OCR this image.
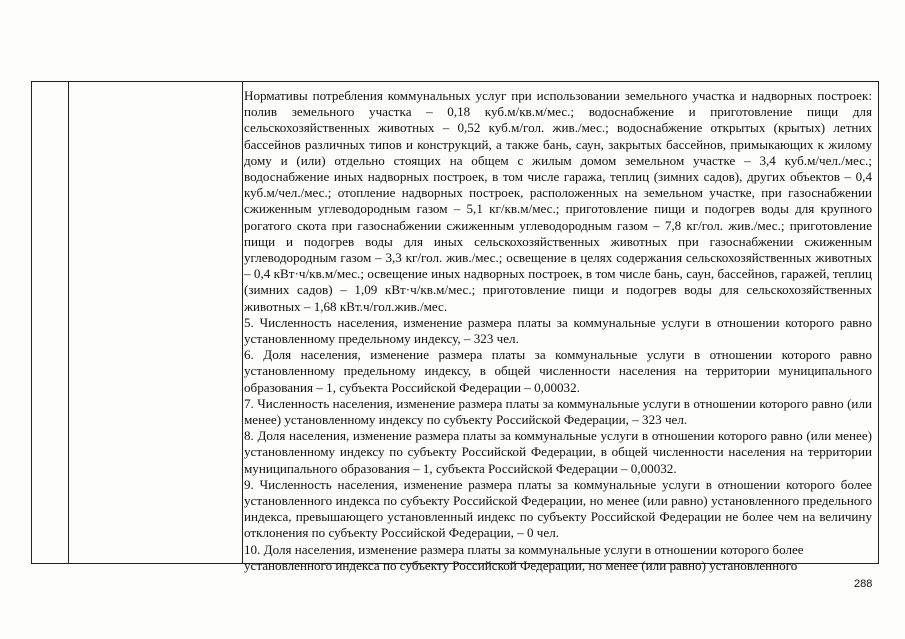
Нормативы потребления коммунальных услуг при использовании земельного участка и надворных построек: полив земельного участка – 0,18 куб.м/кв.м/мес.; водоснабжение и приготовление пищи для сельскохозяйственных животных – 0,52 куб.м/гол. жив./мес.; водоснабжение открытых (крытых) летних бассейнов различных типов и конструкций, а также бань, саун, закрытых бассейнов, примыкающих к жилому дому и (или) отдельно стоящих на общем с жилым домом земельном участке – 3,4 куб.м/чел./мес.; водоснабжение иных надворных построек, в том числе гаража, теплиц (зимних садов), других объектов – 0,4 куб.м/чел./мес.; отопление надворных построек, расположенных на земельном участке, при газоснабжении сжиженным углеводородным газом – 5,1 кг/кв.м/мес.; приготовление пищи и подогрев воды для крупного рогатого скота при газоснабжении сжиженным углеводородным газом – 7,8 кг/гол. жив./мес.; приготовление пищи и подогрев воды для иных сельскохозяйственных животных при газоснабжении сжиженным углеводородным газом – 3,3 кг/гол. жив./мес.; освещение в целях содержания сельскохозяйственных животных – 0,4 кВт·ч/кв.м/мес.; освещение иных надворных построек, в том числе бань, саун, бассейнов, гаражей, теплиц (зимних садов) – 1,09 кВт·ч/кв.м/мес.; приготовление пищи и подогрев воды для сельскохозяйственных животных – 1,68 кВт.ч/гол.жив./мес.

5. Численность населения, изменение размера платы за коммунальные услуги в отношении которого равно установленному предельному индексу, – 323 чел.

6. Доля населения, изменение размера платы за коммунальные услуги в отношении которого равно установленному предельному индексу, в общей численности населения на территории муниципального образования – 1, субъекта Российской Федерации – 0,00032.

7. Численность населения, изменение размера платы за коммунальные услуги в отношении которого равно (или менее) установленному индексу по субъекту Российской Федерации, – 323 чел.

8. Доля населения, изменение размера платы за коммунальные услуги в отношении которого равно (или менее) установленному индексу по субъекту Российской Федерации, в общей численности населения на территории муниципального образования – 1, субъекта Российской Федерации – 0,00032.

9. Численность населения, изменение размера платы за коммунальные услуги в отношении которого более установленного индекса по субъекту Российской Федерации, но менее (или равно) установленного предельного индекса, превышающего установленный индекс по субъекту Российской Федерации не более чем на величину отклонения по субъекту Российской Федерации, – 0 чел.

10. Доля населения, изменение размера платы за коммунальные услуги в отношении которого более установленного индекса по субъекту Российской Федерации, но менее (или равно) установленного

288
